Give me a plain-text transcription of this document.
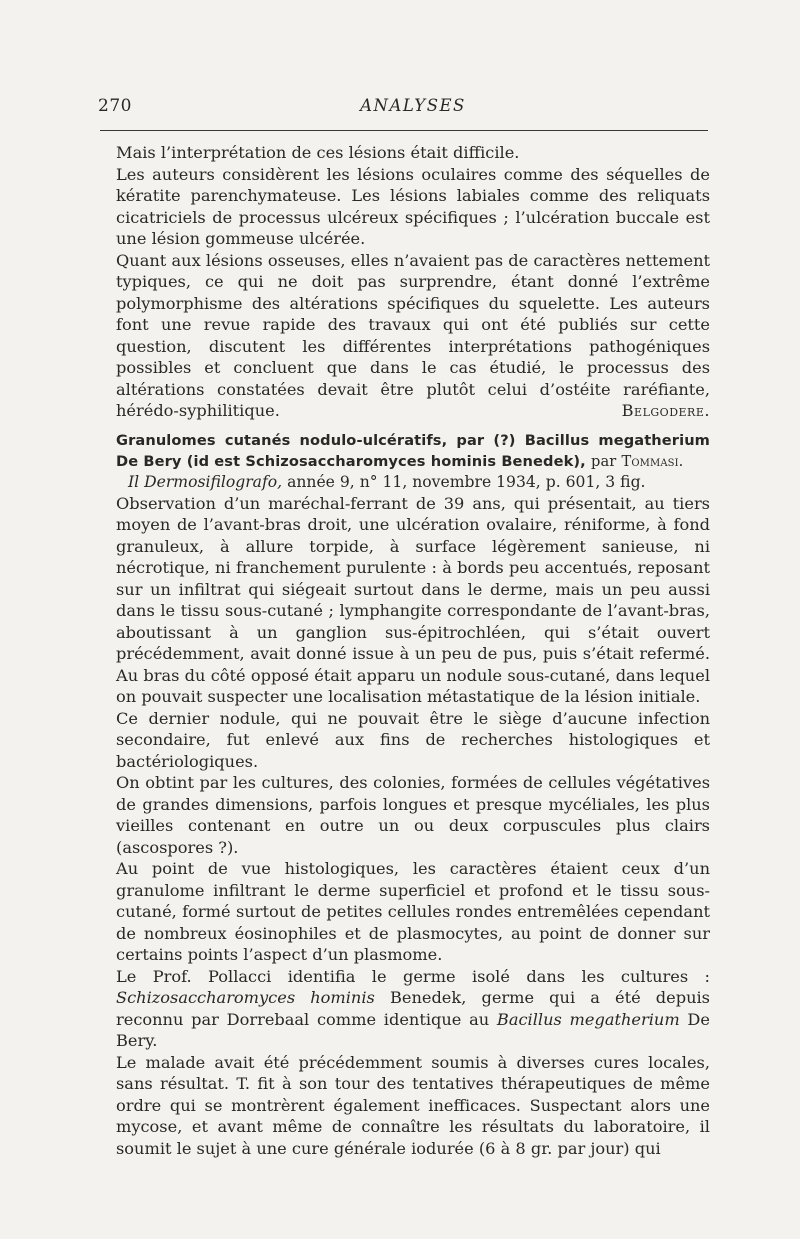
270	ANALYSES

Mais l’interprétation de ces lésions était difficile.

Les auteurs considèrent les lésions oculaires comme des séquelles de kératite parenchymateuse. Les lésions labiales comme des reliquats cicatriciels de processus ulcéreux spécifiques ; l’ulcération buccale est une lésion gommeuse ulcérée.

Quant aux lésions osseuses, elles n’avaient pas de caractères nettement typiques, ce qui ne doit pas surprendre, étant donné l’extrême polymorphisme des altérations spécifiques du squelette. Les auteurs font une revue rapide des travaux qui ont été publiés sur cette question, discutent les différentes interprétations pathogéniques possibles et concluent que dans le cas étudié, le processus des altérations constatées devait être plutôt celui d’ostéite raréfiante, hérédo-syphilitique.	Belgodere.

Granulomes cutanés nodulo-ulcératifs, par (?) Bacillus megatherium De Bery (id est Schizosaccharomyces hominis Benedek), par Tommasi.
Il Dermosifilografo, année 9, n° 11, novembre 1934, p. 601, 3 fig.

Observation d’un maréchal-ferrant de 39 ans, qui présentait, au tiers moyen de l’avant-bras droit, une ulcération ovalaire, réniforme, à fond granuleux, à allure torpide, à surface légèrement sanieuse, ni nécrotique, ni franchement purulente : à bords peu accentués, reposant sur un infiltrat qui siégeait surtout dans le derme, mais un peu aussi dans le tissu sous-cutané ; lymphangite correspondante de l’avant-bras, aboutissant à un ganglion sus-épitrochléen, qui s’était ouvert précédemment, avait donné issue à un peu de pus, puis s’était refermé. Au bras du côté opposé était apparu un nodule sous-cutané, dans lequel on pouvait suspecter une localisation métastatique de la lésion initiale.

Ce dernier nodule, qui ne pouvait être le siège d’aucune infection secondaire, fut enlevé aux fins de recherches histologiques et bactériologiques.

On obtint par les cultures, des colonies, formées de cellules végétatives de grandes dimensions, parfois longues et presque mycéliales, les plus vieilles contenant en outre un ou deux corpuscules plus clairs (ascospores ?).

Au point de vue histologiques, les caractères étaient ceux d’un granulome infiltrant le derme superficiel et profond et le tissu sous-cutané, formé surtout de petites cellules rondes entremêlées cependant de nombreux éosinophiles et de plasmocytes, au point de donner sur certains points l’aspect d’un plasmome.

Le Prof. Pollacci identifia le germe isolé dans les cultures : Schizosaccharomyces hominis Benedek, germe qui a été depuis reconnu par Dorrebaal comme identique au Bacillus megatherium De Bery.

Le malade avait été précédemment soumis à diverses cures locales, sans résultat. T. fit à son tour des tentatives thérapeutiques de même ordre qui se montrèrent également inefficaces. Suspectant alors une mycose, et avant même de connaître les résultats du laboratoire, il soumit le sujet à une cure générale iodurée (6 à 8 gr. par jour) qui
